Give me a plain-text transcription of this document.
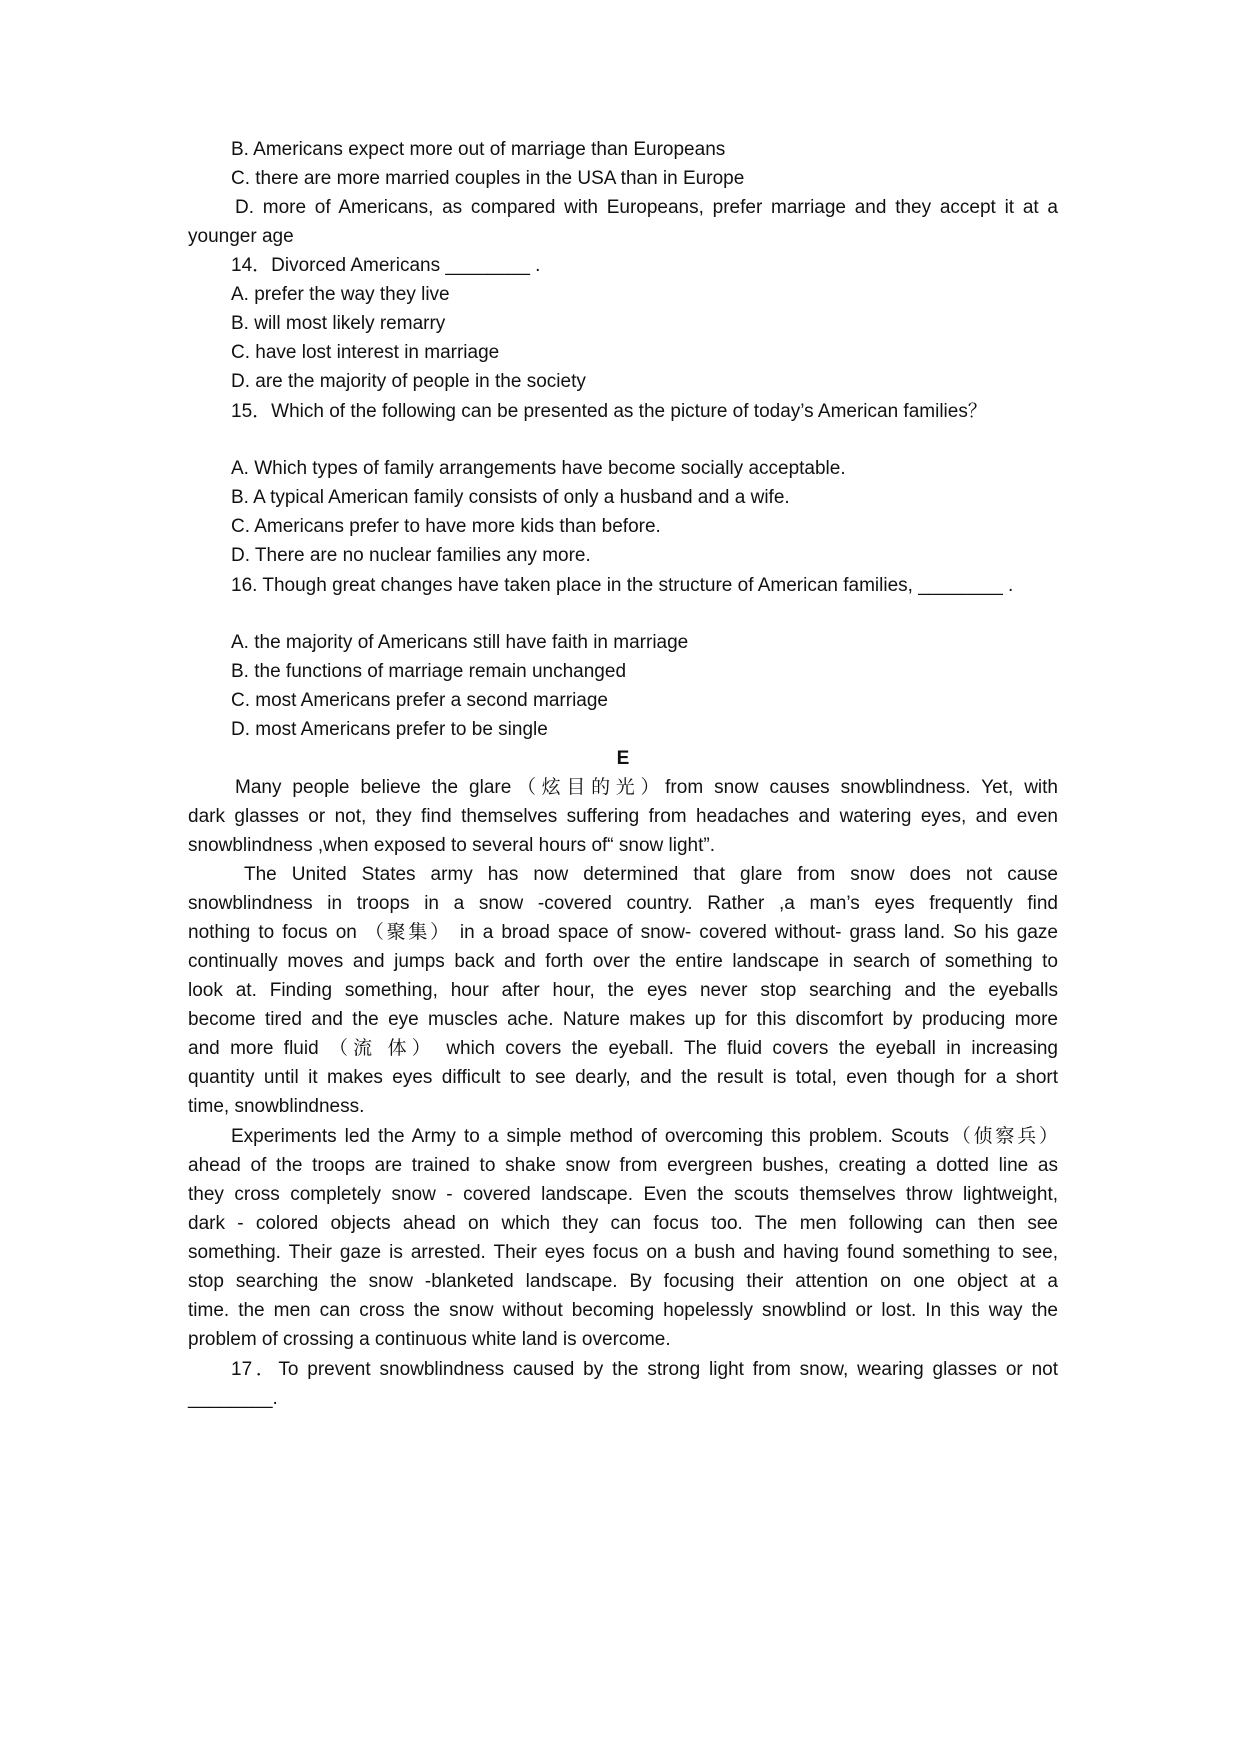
B. Americans expect more out of marriage than Europeans
C. there are more married couples in the USA than in Europe
D. more of Americans, as compared with Europeans, prefer marriage and they accept it at a
younger age
14．Divorced Americans ________ .
A. prefer the way they live
B. will most likely remarry
C. have lost interest in marriage
D. are the majority of people in the society
15．Which of the following can be presented as the picture of today’s American families？
A. Which types of family arrangements have become socially acceptable.
B. A typical American family consists of only a husband and a wife.
C. Americans prefer to have more kids than before.
D. There are no nuclear families any more.
16. Though great changes have taken place in the structure of American families, ________ .
A. the majority of Americans still have faith in marriage
B. the functions of marriage remain unchanged
C. most Americans prefer a second marriage
D. most Americans prefer to be single
E
Many people believe the glare（炫目的光）from snow causes snowblindness. Yet, with
dark glasses or not, they find themselves suffering from headaches and watering eyes, and even
snowblindness ,when exposed to several hours of“ snow light”.
The United States army has now determined that glare from snow does not cause
snowblindness in troops in a snow -covered country. Rather ,a man’s eyes frequently find
nothing to focus on （聚集） in a broad space of snow- covered without- grass land. So his gaze
continually moves and jumps back and forth over the entire landscape in search of something to
look at. Finding something, hour after hour, the eyes never stop searching and the eyeballs
become tired and the eye muscles ache. Nature makes up for this discomfort by producing more
and more fluid （流 体） which covers the eyeball. The fluid covers the eyeball in increasing
quantity until it makes eyes difficult to see dearly, and the result is total, even though for a short
time, snowblindness.
Experiments led the Army to a simple method of overcoming this problem. Scouts（侦察兵）
ahead of the troops are trained to shake snow from evergreen bushes, creating a dotted line as
they cross completely snow - covered landscape. Even the scouts themselves throw lightweight,
dark - colored objects ahead on which they can focus too. The men following can then see
something. Their gaze is arrested. Their eyes focus on a bush and having found something to see,
stop searching the snow -blanketed landscape. By focusing their attention on one object at a
time. the men can cross the snow without becoming hopelessly snowblind or lost. In this way the
problem of crossing a continuous white land is overcome.
17．To prevent snowblindness caused by the strong light from snow, wearing glasses or not
________.
